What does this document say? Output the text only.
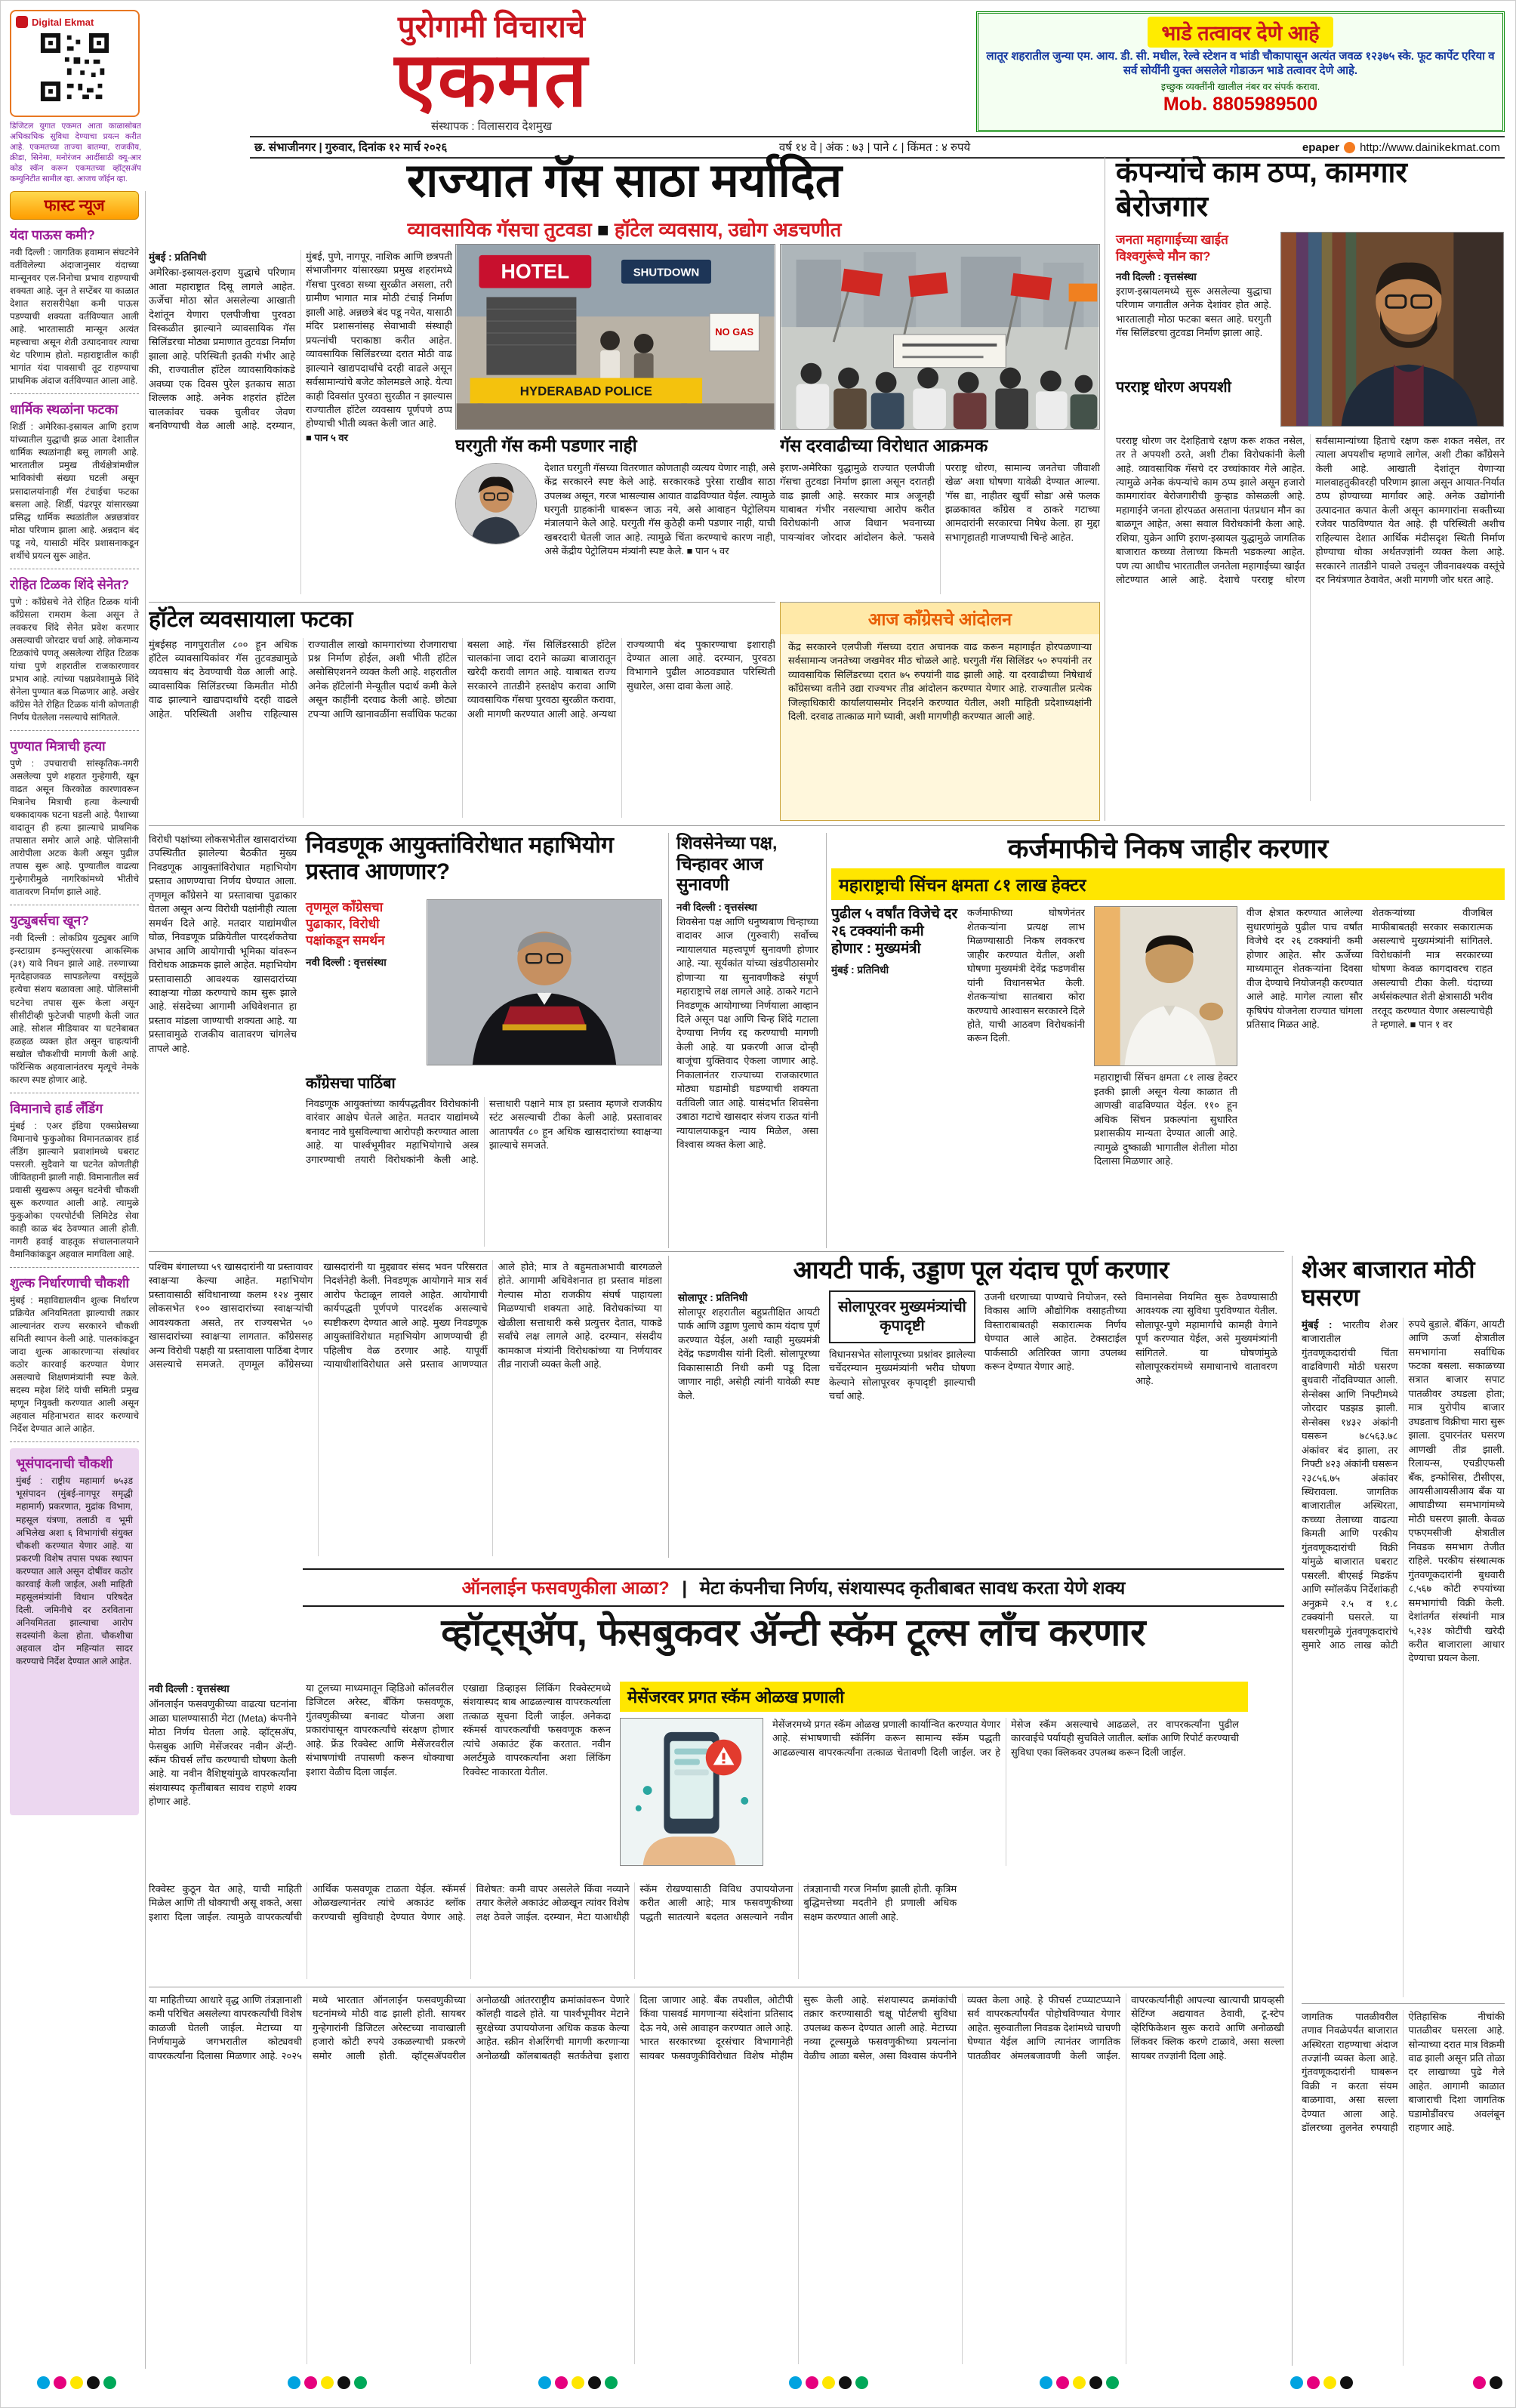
Digital Ekmat
डिजिटल युगात एकमत आता काळासोबत अधिकाधिक सुविधा देण्याचा प्रयत्न करीत आहे. एकमतच्या ताज्या बातम्या, राजकीय, क्रीडा, सिनेमा, मनोरंजन आदींसाठी क्यू-आर कोड स्कॅन करून एकमतच्या व्हॉट्सॲप कम्युनिटीत सामील व्हा. आजच जॉईन व्हा.
पुरोगामी विचाराचे
एकमत
संस्थापक : विलासराव देशमुख
भाडे तत्वावर देणे आहे
लातूर शहरातील जुन्या एम. आय. डी. सी. मधील, रेल्वे स्टेशन व भांडी चौकापासून अत्यंत जवळ १२३७५ स्के. फूट कार्पेट एरिया व सर्व सोयींनी युक्त असलेले गोडाऊन भाडे तत्वावर देणे आहे.
इच्छुक व्यक्तींनी खालील नंबर वर संपर्क करावा.
Mob. 8805989500
छ. संभाजीनगर | गुरुवार, दिनांक १२ मार्च २०२६	वर्ष १४ वे | अंक : ७३ | पाने ८ | किंमत : ४ रुपये	epaper http://www.dainikekmat.com
फास्ट न्यूज
यंदा पाऊस कमी?
नवी दिल्ली : जागतिक हवामान संघटनेने वर्तविलेल्या अंदाजानुसार यंदाच्या मान्सूनवर एल-निनोचा प्रभाव राहण्याची शक्यता आहे. जून ते सप्टेंबर या काळात देशात सरासरीपेक्षा कमी पाऊस पडण्याची शक्यता वर्तविण्यात आली आहे. भारतासाठी मान्सून अत्यंत महत्त्वाचा असून शेती उत्पादनावर त्याचा थेट परिणाम होतो. महाराष्ट्रातील काही भागांत यंदा पावसाची तूट राहण्याचा प्राथमिक अंदाज वर्तविण्यात आला आहे.
धार्मिक स्थळांना फटका
शिर्डी : अमेरिका-इस्रायल आणि इराण यांच्यातील युद्धाची झळ आता देशातील धार्मिक स्थळांनाही बसू लागली आहे. भारतातील प्रमुख तीर्थक्षेत्रांमधील भाविकांची संख्या घटली असून प्रसादालयांनाही गॅस टंचाईचा फटका बसला आहे. शिर्डी, पंढरपूर यांसारख्या प्रसिद्ध धार्मिक स्थळांतील अन्नछत्रांवर मोठा परिणाम झाला आहे. अन्नदान बंद पडू नये, यासाठी मंदिर प्रशासनाकडून शर्थीचे प्रयत्न सुरू आहेत.
रोहित टिळक शिंदे सेनेत?
पुणे : काँग्रेसचे नेते रोहित टिळक यांनी काँग्रेसला रामराम केला असून ते लवकरच शिंदे सेनेत प्रवेश करणार असल्याची जोरदार चर्चा आहे. लोकमान्य टिळकांचे पणतू असलेल्या रोहित टिळक यांचा पुणे शहरातील राजकारणावर प्रभाव आहे. त्यांच्या पक्षप्रवेशामुळे शिंदे सेनेला पुण्यात बळ मिळणार आहे. अखेर काँग्रेस नेते रोहित टिळक यांनी कोणताही निर्णय घेतलेला नसल्याचे सांगितले.
पुण्यात मित्राची हत्या
पुणे : उपचाराची सांस्कृतिक-नगरी असलेल्या पुणे शहरात गुन्हेगारी, खून वाढत असून किरकोळ कारणावरून मित्रानेच मित्राची हत्या केल्याची धक्कादायक घटना घडली आहे. पैशाच्या वादातून ही हत्या झाल्याचे प्राथमिक तपासात समोर आले आहे. पोलिसांनी आरोपीला अटक केली असून पुढील तपास सुरू आहे. पुण्यातील वाढत्या गुन्हेगारीमुळे नागरिकांमध्ये भीतीचे वातावरण निर्माण झाले आहे.
युट्युबर्सचा खून?
नवी दिल्ली : लोकप्रिय युट्युबर आणि इन्स्टाग्राम इन्फ्लुएंसरचा आकस्मिक (३१) यावे निधन झाले आहे. तरुणाच्या मृतदेहाजवळ सापडलेल्या वस्तूंमुळे हत्येचा संशय बळावला आहे. पोलिसांनी घटनेचा तपास सुरू केला असून सीसीटीव्ही फुटेजची पाहणी केली जात आहे. सोशल मीडियावर या घटनेबाबत हळहळ व्यक्त होत असून चाहत्यांनी सखोल चौकशीची मागणी केली आहे. फॉरेन्सिक अहवालानंतरच मृत्यूचे नेमके कारण स्पष्ट होणार आहे.
विमानाचे हार्ड लँडिंग
मुंबई : एअर इंडिया एक्सप्रेसच्या विमानाचे फुकुओका विमानतळावर हार्ड लँडिंग झाल्याने प्रवाशांमध्ये घबराट पसरली. सुदैवाने या घटनेत कोणतीही जीवितहानी झाली नाही. विमानातील सर्व प्रवासी सुखरूप असून घटनेची चौकशी सुरू करण्यात आली आहे. त्यामुळे फुकुओका एयरपोर्टची लिमिटेड सेवा काही काळ बंद ठेवण्यात आली होती. नागरी हवाई वाहतूक संचालनालयाने वैमानिकांकडून अहवाल मागविला आहे.
शुल्क निर्धारणाची चौकशी
मुंबई : महाविद्यालयीन शुल्क निर्धारण प्रक्रियेत अनियमितता झाल्याची तक्रार आल्यानंतर राज्य सरकारने चौकशी समिती स्थापन केली आहे. पालकांकडून जादा शुल्क आकारणाऱ्या संस्थांवर कठोर कारवाई करण्यात येणार असल्याचे शिक्षणमंत्र्यांनी स्पष्ट केले. सदस्य महेश शिंदे यांची समिती प्रमुख म्हणून नियुक्ती करण्यात आली असून अहवाल महिनाभरात सादर करण्याचे निर्देश देण्यात आले आहेत.
भूसंपादनाची चौकशी
मुंबई : राष्ट्रीय महामार्ग ७५३ड भूसंपादन (मुंबई-नागपूर समृद्धी महामार्ग) प्रकरणात, मुद्रांक विभाग, महसूल यंत्रणा, तलाठी व भूमी अभिलेख अशा ६ विभागांची संयुक्त चौकशी करण्यात येणार आहे. या प्रकरणी विशेष तपास पथक स्थापन करण्यात आले असून दोषींवर कठोर कारवाई केली जाईल, अशी माहिती महसूलमंत्र्यांनी विधान परिषदेत दिली. जमिनीचे दर ठरविताना अनियमितता झाल्याचा आरोप सदस्यांनी केला होता. चौकशीचा अहवाल दोन महिन्यांत सादर करण्याचे निर्देश देण्यात आले आहेत.
राज्यात गॅस साठा मर्यादित
व्यावसायिक गॅसचा तुटवडा ■ हॉटेल व्यवसाय, उद्योग अडचणीत
मुंबई : प्रतिनिधी
अमेरिका-इस्रायल-इराण युद्धाचे परिणाम आता महाराष्ट्रात दिसू लागले आहेत. ऊर्जेचा मोठा स्रोत असलेल्या आखाती देशांतून येणारा एलपीजीचा पुरवठा विस्कळीत झाल्याने व्यावसायिक गॅस सिलिंडरचा मोठ्या प्रमाणात तुटवडा निर्माण झाला आहे. परिस्थिती इतकी गंभीर आहे की, राज्यातील हॉटेल व्यावसायिकांकडे अवघ्या एक दिवस पुरेल इतकाच साठा शिल्लक आहे. अनेक शहरांत हॉटेल चालकांवर चक्क चुलीवर जेवण बनविण्याची वेळ आली आहे. दरम्यान, मुंबई, पुणे, नागपूर, नाशिक आणि छत्रपती संभाजीनगर यांसारख्या प्रमुख शहरांमध्ये गॅसचा पुरवठा सध्या सुरळीत असला, तरी ग्रामीण भागात मात्र मोठी टंचाई निर्माण झाली आहे. अन्नछत्रे बंद पडू नयेत, यासाठी मंदिर प्रशासनांसह सेवाभावी संस्थाही प्रयत्नांची पराकाष्ठा करीत आहेत. व्यावसायिक सिलिंडरच्या दरात मोठी वाढ झाल्याने खाद्यपदार्थांचे दरही वाढले असून सर्वसामान्यांचे बजेट कोलमडले आहे. येत्या काही दिवसांत पुरवठा सुरळीत न झाल्यास राज्यातील हॉटेल व्यवसाय पूर्णपणे ठप्प होण्याची भीती व्यक्त केली जात आहे.
■ पान ५ वर
HOTEL	SHUTDOWN
NO GAS
HYDERABAD POLICE
घरगुती गॅस कमी पडणार नाही
देशात घरगुती गॅसच्या वितरणात कोणताही व्यत्यय येणार नाही, असे केंद्र सरकारने स्पष्ट केले आहे. सरकारकडे पुरेसा राखीव साठा उपलब्ध असून, गरज भासल्यास आयात वाढविण्यात येईल. त्यामुळे घरगुती ग्राहकांनी घाबरून जाऊ नये, असे आवाहन पेट्रोलियम मंत्रालयाने केले आहे. घरगुती गॅस कुठेही कमी पडणार नाही, याची खबरदारी घेतली जात आहे. त्यामुळे चिंता करण्याचे कारण नाही, असे केंद्रीय पेट्रोलियम मंत्र्यांनी स्पष्ट केले. ■ पान ५ वर
गॅस दरवाढीच्या विरोधात आक्रमक
इराण-अमेरिका युद्धामुळे राज्यात एलपीजी गॅसचा तुटवडा निर्माण झाला असून दरातही वाढ झाली आहे. सरकार मात्र अजूनही याबाबत गंभीर नसल्याचा आरोप करीत विरोधकांनी आज विधान भवनाच्या पायऱ्यांवर जोरदार आंदोलन केले. 'फसवे परराष्ट्र धोरण, सामान्य जनतेचा जीवाशी खेळ' अशा घोषणा यावेळी देण्यात आल्या. 'गॅस द्या, नाहीतर खुर्ची सोडा' असे फलक झळकावत काँग्रेस व ठाकरे गटाच्या आमदारांनी सरकारचा निषेध केला. हा मुद्दा सभागृहातही गाजण्याची चिन्हे आहेत.
हॉटेल व्यवसायाला फटका
मुंबईसह नागपुरातील ८०० हून अधिक हॉटेल व्यावसायिकांवर गॅस तुटवड्यामुळे व्यवसाय बंद ठेवण्याची वेळ आली आहे. व्यावसायिक सिलिंडरच्या किमतीत मोठी वाढ झाल्याने खाद्यपदार्थांचे दरही वाढले आहेत. परिस्थिती अशीच राहिल्यास राज्यातील लाखो कामगारांच्या रोजगाराचा प्रश्न निर्माण होईल, अशी भीती हॉटेल असोसिएशनने व्यक्त केली आहे. शहरातील अनेक हॉटेलांनी मेन्यूतील पदार्थ कमी केले असून काहींनी दरवाढ केली आहे. छोट्या टपऱ्या आणि खानावळींना सर्वाधिक फटका बसला आहे. गॅस सिलिंडरसाठी हॉटेल चालकांना जादा दराने काळ्या बाजारातून खरेदी करावी लागत आहे. याबाबत राज्य सरकारने तातडीने हस्तक्षेप करावा आणि व्यावसायिक गॅसचा पुरवठा सुरळीत करावा, अशी मागणी करण्यात आली आहे. अन्यथा राज्यव्यापी बंद पुकारण्याचा इशाराही देण्यात आला आहे. दरम्यान, पुरवठा विभागाने पुढील आठवड्यात परिस्थिती सुधारेल, असा दावा केला आहे.
आज काँग्रेसचे आंदोलन
केंद्र सरकारने एलपीजी गॅसच्या दरात अचानक वाढ करून महागाईत होरपळणाऱ्या सर्वसामान्य जनतेच्या जखमेवर मीठ चोळले आहे. घरगुती गॅस सिलिंडर ५० रुपयांनी तर व्यावसायिक सिलिंडरच्या दरात ७५ रुपयांनी वाढ झाली आहे. या दरवाढीच्या निषेधार्थ काँग्रेसच्या वतीने उद्या राज्यभर तीव्र आंदोलन करण्यात येणार आहे. राज्यातील प्रत्येक जिल्हाधिकारी कार्यालयासमोर निदर्शने करण्यात येतील, अशी माहिती प्रदेशाध्यक्षांनी दिली. दरवाढ तात्काळ मागे घ्यावी, अशी मागणीही करण्यात आली आहे.
कंपन्यांचे काम ठप्प, कामगार बेरोजगार
जनता महागाईच्या खाईत विश्वगुरूंचे मौन का?
नवी दिल्ली : वृत्तसंस्था
इराण-इस्रायलमध्ये सुरू असलेल्या युद्धाचा परिणाम जगातील अनेक देशांवर होत आहे. भारतालाही मोठा फटका बसत आहे. घरगुती गॅस सिलिंडरचा तुटवडा निर्माण झाला आहे.
परराष्ट्र धोरण अपयशी
परराष्ट्र धोरण जर देशहिताचे रक्षण करू शकत नसेल, तर ते अपयशी ठरते, अशी टीका विरोधकांनी केली आहे. व्यावसायिक गॅसचे दर उच्चांकावर गेले आहेत. त्यामुळे अनेक कंपन्यांचे काम ठप्प झाले असून हजारो कामगारांवर बेरोजगारीची कुऱ्हाड कोसळली आहे. महागाईने जनता होरपळत असताना पंतप्रधान मौन का बाळगून आहेत, असा सवाल विरोधकांनी केला आहे. रशिया, युक्रेन आणि इराण-इस्रायल युद्धामुळे जागतिक बाजारात कच्च्या तेलाच्या किमती भडकल्या आहेत. पण त्या आधीच भारतातील जनतेला महागाईच्या खाईत लोटण्यात आले आहे. देशाचे परराष्ट्र धोरण सर्वसामान्यांच्या हिताचे रक्षण करू शकत नसेल, तर त्याला अपयशीच म्हणावे लागेल, अशी टीका काँग्रेसने केली आहे. आखाती देशांतून येणाऱ्या मालवाहतुकीवरही परिणाम झाला असून आयात-निर्यात ठप्प होण्याच्या मार्गावर आहे. अनेक उद्योगांनी उत्पादनात कपात केली असून कामगारांना सक्तीच्या रजेवर पाठविण्यात येत आहे. ही परिस्थिती अशीच राहिल्यास देशात आर्थिक मंदीसदृश स्थिती निर्माण होण्याचा धोका अर्थतज्ज्ञांनी व्यक्त केला आहे. सरकारने तातडीने पावले उचलून जीवनावश्यक वस्तूंचे दर नियंत्रणात ठेवावेत, अशी मागणी जोर धरत आहे.
विरोधी पक्षांच्या लोकसभेतील खासदारांच्या उपस्थितीत झालेल्या बैठकीत मुख्य निवडणूक आयुक्तांविरोधात महाभियोग प्रस्ताव आणण्याचा निर्णय घेण्यात आला. तृणमूल काँग्रेसने या प्रस्तावाचा पुढाकार घेतला असून अन्य विरोधी पक्षांनीही त्याला समर्थन दिले आहे. मतदार याद्यांमधील घोळ, निवडणूक प्रक्रियेतील पारदर्शकतेचा अभाव आणि आयोगाची भूमिका यांवरून विरोधक आक्रमक झाले आहेत. महाभियोग प्रस्तावासाठी आवश्यक खासदारांच्या स्वाक्षऱ्या गोळा करण्याचे काम सुरू झाले आहे. संसदेच्या आगामी अधिवेशनात हा प्रस्ताव मांडला जाण्याची शक्यता आहे. या प्रस्तावामुळे राजकीय वातावरण चांगलेच तापले आहे.
निवडणूक आयुक्तांविरोधात महाभियोग प्रस्ताव आणणार?
तृणमूल काँग्रेसचा पुढाकार, विरोधी पक्षांकडून समर्थन
नवी दिल्ली : वृत्तसंस्था
काँग्रेसचा पाठिंबा
निवडणूक आयुक्तांच्या कार्यपद्धतीवर विरोधकांनी वारंवार आक्षेप घेतले आहेत. मतदार याद्यांमध्ये बनावट नावे घुसविल्याचा आरोपही करण्यात आला आहे. या पार्श्वभूमीवर महाभियोगाचे अस्त्र उगारण्याची तयारी विरोधकांनी केली आहे. सत्ताधारी पक्षाने मात्र हा प्रस्ताव म्हणजे राजकीय स्टंट असल्याची टीका केली आहे. प्रस्तावावर आतापर्यंत ८० हून अधिक खासदारांच्या स्वाक्षऱ्या झाल्याचे समजते.
शिवसेनेच्या पक्ष, चिन्हावर आज सुनावणी
नवी दिल्ली : वृत्तसंस्था
शिवसेना पक्ष आणि धनुष्यबाण चिन्हाच्या वादावर आज (गुरुवारी) सर्वोच्च न्यायालयात महत्त्वपूर्ण सुनावणी होणार आहे. न्या. सूर्यकांत यांच्या खंडपीठासमोर होणाऱ्या या सुनावणीकडे संपूर्ण महाराष्ट्राचे लक्ष लागले आहे. ठाकरे गटाने निवडणूक आयोगाच्या निर्णयाला आव्हान दिले असून पक्ष आणि चिन्ह शिंदे गटाला देण्याचा निर्णय रद्द करण्याची मागणी केली आहे. या प्रकरणी आज दोन्ही बाजूंचा युक्तिवाद ऐकला जाणार आहे. निकालानंतर राज्याच्या राजकारणात मोठ्या घडामोडी घडण्याची शक्यता वर्तविली जात आहे. यासंदर्भात शिवसेना उबाठा गटाचे खासदार संजय राऊत यांनी न्यायालयाकडून न्याय मिळेल, असा विश्वास व्यक्त केला आहे.
कर्जमाफीचे निकष जाहीर करणार
महाराष्ट्राची सिंचन क्षमता ८१ लाख हेक्टर
पुढील ५ वर्षांत विजेचे दर २६ टक्क्यांनी कमी होणार : मुख्यमंत्री
मुंबई : प्रतिनिधी
कर्जमाफीच्या घोषणेनंतर शेतकऱ्यांना प्रत्यक्ष लाभ मिळण्यासाठी निकष लवकरच जाहीर करण्यात येतील, अशी घोषणा मुख्यमंत्री देवेंद्र फडणवीस यांनी विधानसभेत केली. शेतकऱ्यांचा सातबारा कोरा करण्याचे आश्वासन सरकारने दिले होते, याची आठवण विरोधकांनी करून दिली.
महाराष्ट्राची सिंचन क्षमता ८१ लाख हेक्टर इतकी झाली असून येत्या काळात ती आणखी वाढविण्यात येईल. ११० हून अधिक सिंचन प्रकल्पांना सुधारित प्रशासकीय मान्यता देण्यात आली आहे. त्यामुळे दुष्काळी भागातील शेतीला मोठा दिलासा मिळणार आहे.
वीज क्षेत्रात करण्यात आलेल्या सुधारणांमुळे पुढील पाच वर्षांत विजेचे दर २६ टक्क्यांनी कमी होणार आहेत. सौर ऊर्जेच्या माध्यमातून शेतकऱ्यांना दिवसा वीज देण्याचे नियोजनही करण्यात आले आहे. मागेल त्याला सौर कृषिपंप योजनेला राज्यात चांगला प्रतिसाद मिळत आहे.
शेतकऱ्यांच्या वीजबिल माफीबाबतही सरकार सकारात्मक असल्याचे मुख्यमंत्र्यांनी सांगितले. विरोधकांनी मात्र सरकारच्या घोषणा केवळ कागदावरच राहत असल्याची टीका केली. यंदाच्या अर्थसंकल्पात शेती क्षेत्रासाठी भरीव तरतूद करण्यात येणार असल्याचेही ते म्हणाले. ■ पान १ वर
पश्चिम बंगालच्या ५९ खासदारांनी या प्रस्तावावर स्वाक्षऱ्या केल्या आहेत. महाभियोग प्रस्तावासाठी संविधानाच्या कलम १२४ नुसार लोकसभेत १०० खासदारांच्या स्वाक्षऱ्यांची आवश्यकता असते, तर राज्यसभेत ५० खासदारांच्या स्वाक्षऱ्या लागतात. काँग्रेससह अन्य विरोधी पक्षही या प्रस्तावाला पाठिंबा देणार असल्याचे समजते. तृणमूल काँग्रेसच्या खासदारांनी या मुद्द्यावर संसद भवन परिसरात निदर्शनेही केली. निवडणूक आयोगाने मात्र सर्व आरोप फेटाळून लावले आहेत. आयोगाची कार्यपद्धती पूर्णपणे पारदर्शक असल्याचे स्पष्टीकरण देण्यात आले आहे. मुख्य निवडणूक आयुक्तांविरोधात महाभियोग आणण्याची ही पहिलीच वेळ ठरणार आहे. यापूर्वी न्यायाधीशांविरोधात असे प्रस्ताव आणण्यात आले होते; मात्र ते बहुमताअभावी बारगळले होते. आगामी अधिवेशनात हा प्रस्ताव मांडला गेल्यास मोठा राजकीय संघर्ष पाहायला मिळण्याची शक्यता आहे. विरोधकांच्या या खेळीला सत्ताधारी कसे प्रत्युत्तर देतात, याकडे सर्वांचे लक्ष लागले आहे. दरम्यान, संसदीय कामकाज मंत्र्यांनी विरोधकांच्या या निर्णयावर तीव्र नाराजी व्यक्त केली आहे.
आयटी पार्क, उड्डाण पूल यंदाच पूर्ण करणार
सोलापूर : प्रतिनिधी
सोलापूर शहरातील बहुप्रतीक्षित आयटी पार्क आणि उड्डाण पुलाचे काम यंदाच पूर्ण करण्यात येईल, अशी ग्वाही मुख्यमंत्री देवेंद्र फडणवीस यांनी दिली. सोलापूरच्या विकासासाठी निधी कमी पडू दिला जाणार नाही, असेही त्यांनी यावेळी स्पष्ट केले.
सोलापूरवर मुख्यमंत्र्यांची कृपादृष्टी
विधानसभेत सोलापूरच्या प्रश्नांवर झालेल्या चर्चेदरम्यान मुख्यमंत्र्यांनी भरीव घोषणा केल्याने सोलापूरवर कृपादृष्टी झाल्याची चर्चा आहे.
उजनी धरणाच्या पाण्याचे नियोजन, रस्ते विकास आणि औद्योगिक वसाहतीच्या विस्ताराबाबतही सकारात्मक निर्णय घेण्यात आले आहेत. टेक्सटाईल पार्कसाठी अतिरिक्त जागा उपलब्ध करून देण्यात येणार आहे.
विमानसेवा नियमित सुरू ठेवण्यासाठी आवश्यक त्या सुविधा पुरविण्यात येतील. सोलापूर-पुणे महामार्गाचे कामही वेगाने पूर्ण करण्यात येईल, असे मुख्यमंत्र्यांनी सांगितले. या घोषणांमुळे सोलापूरकरांमध्ये समाधानाचे वातावरण आहे.
शेअर बाजारात मोठी घसरण
मुंबई : भारतीय शेअर बाजारातील गुंतवणूकदारांची चिंता वाढविणारी मोठी घसरण बुधवारी नोंदविण्यात आली. सेन्सेक्स आणि निफ्टीमध्ये जोरदार पडझड झाली. सेन्सेक्स १४३२ अंकांनी घसरून ७८५६३.७८ अंकांवर बंद झाला, तर निफ्टी ४२३ अंकांनी घसरून २३८५६.७५ अंकांवर स्थिरावला. जागतिक बाजारातील अस्थिरता, कच्च्या तेलाच्या वाढत्या किमती आणि परकीय गुंतवणूकदारांची विक्री यांमुळे बाजारात घबराट पसरली. बीएसई मिडकॅप आणि स्मॉलकॅप निर्देशांकही अनुक्रमे २.५ व १.८ टक्क्यांनी घसरले. या घसरणीमुळे गुंतवणूकदारांचे सुमारे आठ लाख कोटी रुपये बुडाले. बँकिंग, आयटी आणि ऊर्जा क्षेत्रातील समभागांना सर्वाधिक फटका बसला. सकाळच्या सत्रात बाजार सपाट पातळीवर उघडला होता; मात्र युरोपीय बाजार उघडताच विक्रीचा मारा सुरू झाला. दुपारनंतर घसरण आणखी तीव्र झाली. रिलायन्स, एचडीएफसी बँक, इन्फोसिस, टीसीएस, आयसीआयसीआय बँक या आघाडीच्या समभागांमध्ये मोठी घसरण झाली. केवळ एफएमसीजी क्षेत्रातील निवडक समभाग तेजीत राहिले. परकीय संस्थात्मक गुंतवणूकदारांनी बुधवारी ८,५६७ कोटी रुपयांच्या समभागांची विक्री केली. देशांतर्गत संस्थांनी मात्र ५,२३४ कोटींची खरेदी करीत बाजाराला आधार देण्याचा प्रयत्न केला.
जागतिक पातळीवरील तणाव निवळेपर्यंत बाजारात अस्थिरता राहण्याचा अंदाज तज्ज्ञांनी व्यक्त केला आहे. गुंतवणूकदारांनी घाबरून विक्री न करता संयम बाळगावा, असा सल्ला देण्यात आला आहे. डॉलरच्या तुलनेत रुपयाही ऐतिहासिक नीचांकी पातळीवर घसरला आहे. सोन्याच्या दरात मात्र विक्रमी वाढ झाली असून प्रति तोळा दर लाखाच्या पुढे गेले आहेत. आगामी काळात बाजाराची दिशा जागतिक घडामोडींवरच अवलंबून राहणार आहे.
ऑनलाईन फसवणुकीला आळा? | मेटा कंपनीचा निर्णय, संशयास्पद कृतीबाबत सावध करता येणे शक्य
व्हॉट्स्ॲप, फेसबुकवर ॲन्टी स्कॅम टूल्स लाँच करणार
नवी दिल्ली : वृत्तसंस्था
ऑनलाईन फसवणुकीच्या वाढत्या घटनांना आळा घालण्यासाठी मेटा (Meta) कंपनीने मोठा निर्णय घेतला आहे. व्हॉट्सॲप, फेसबुक आणि मेसेंजरवर नवीन ॲन्टी-स्कॅम फीचर्स लाँच करण्याची घोषणा केली आहे. या नवीन वैशिष्ट्यांमुळे वापरकर्त्यांना संशयास्पद कृतींबाबत सावध राहणे शक्य होणार आहे.
या टूलच्या माध्यमातून व्हिडिओ कॉलवरील डिजिटल अरेस्ट, बँकिंग फसवणूक, गुंतवणुकीच्या बनावट योजना अशा प्रकारांपासून वापरकर्त्यांचे संरक्षण होणार आहे. फ्रेंड रिक्वेस्ट आणि मेसेंजरवरील संभाषणांची तपासणी करून धोक्याचा इशारा वेळीच दिला जाईल.
एखाद्या डिव्हाइस लिंकिंग रिक्वेस्टमध्ये संशयास्पद बाब आढळल्यास वापरकर्त्याला तत्काळ सूचना दिली जाईल. अनेकदा स्कॅमर्स वापरकर्त्यांची फसवणूक करून त्यांचे अकाउंट हॅक करतात. नवीन अलर्टमुळे वापरकर्त्यांना अशा लिंकिंग रिक्वेस्ट नाकारता येतील.
मेसेंजरवर प्रगत स्कॅम ओळख प्रणाली
मेसेंजरमध्ये प्रगत स्कॅम ओळख प्रणाली कार्यान्वित करण्यात येणार आहे. संभाषणाची स्कॅनिंग करून सामान्य स्कॅम पद्धती आढळल्यास वापरकर्त्यांना तत्काळ चेतावणी दिली जाईल. जर हे मेसेज स्कॅम असल्याचे आढळले, तर वापरकर्त्यांना पुढील कारवाईचे पर्यायही सुचविले जातील. ब्लॉक आणि रिपोर्ट करण्याची सुविधा एका क्लिकवर उपलब्ध करून दिली जाईल.
रिक्वेस्ट कुठून येत आहे, याची माहिती मिळेल आणि ती धोक्याची असू शकते, असा इशारा दिला जाईल. त्यामुळे वापरकर्त्यांची आर्थिक फसवणूक टाळता येईल. स्कॅमर्स ओळखल्यानंतर त्यांचे अकाउंट ब्लॉक करण्याची सुविधाही देण्यात येणार आहे. विशेषत: कमी वापर असलेले किंवा नव्याने तयार केलेले अकाउंट ओळखून त्यांवर विशेष लक्ष ठेवले जाईल. दरम्यान, मेटा याआधीही स्कॅम रोखण्यासाठी विविध उपाययोजना करीत आली आहे; मात्र फसवणुकीच्या पद्धती सातत्याने बदलत असल्याने नवीन तंत्रज्ञानाची गरज निर्माण झाली होती. कृत्रिम बुद्धिमत्तेच्या मदतीने ही प्रणाली अधिक सक्षम करण्यात आली आहे.
या माहितीच्या आधारे वृद्ध आणि तंत्रज्ञानाशी कमी परिचित असलेल्या वापरकर्त्यांची विशेष काळजी घेतली जाईल. मेटाच्या या निर्णयामुळे जगभरातील कोट्यवधी वापरकर्त्यांना दिलासा मिळणार आहे. २०२५ मध्ये भारतात ऑनलाईन फसवणुकीच्या घटनांमध्ये मोठी वाढ झाली होती. सायबर गुन्हेगारांनी डिजिटल अरेस्टच्या नावाखाली हजारो कोटी रुपये उकळल्याची प्रकरणे समोर आली होती. व्हॉट्सॲपवरील अनोळखी आंतरराष्ट्रीय क्रमांकांवरून येणारे कॉलही वाढले होते. या पार्श्वभूमीवर मेटाने सुरक्षेच्या उपाययोजना अधिक कडक केल्या आहेत. स्क्रीन शेअरिंगची मागणी करणाऱ्या अनोळखी कॉलबाबतही सतर्कतेचा इशारा दिला जाणार आहे. बँक तपशील, ओटीपी किंवा पासवर्ड मागणाऱ्या संदेशांना प्रतिसाद देऊ नये, असे आवाहन करण्यात आले आहे. भारत सरकारच्या दूरसंचार विभागानेही सायबर फसवणुकीविरोधात विशेष मोहीम सुरू केली आहे. संशयास्पद क्रमांकांची तक्रार करण्यासाठी चक्षू पोर्टलची सुविधा उपलब्ध करून देण्यात आली आहे. मेटाच्या नव्या टूल्समुळे फसवणुकीच्या प्रयत्नांना वेळीच आळा बसेल, असा विश्वास कंपनीने व्यक्त केला आहे. हे फीचर्स टप्प्याटप्प्याने सर्व वापरकर्त्यांपर्यंत पोहोचविण्यात येणार आहेत. सुरुवातीला निवडक देशांमध्ये चाचणी घेण्यात येईल आणि त्यानंतर जागतिक पातळीवर अंमलबजावणी केली जाईल. वापरकर्त्यांनीही आपल्या खात्याची प्रायव्हसी सेटिंग्ज अद्ययावत ठेवावी, टू-स्टेप व्हेरिफिकेशन सुरू करावे आणि अनोळखी लिंकवर क्लिक करणे टाळावे, असा सल्ला सायबर तज्ज्ञांनी दिला आहे.
